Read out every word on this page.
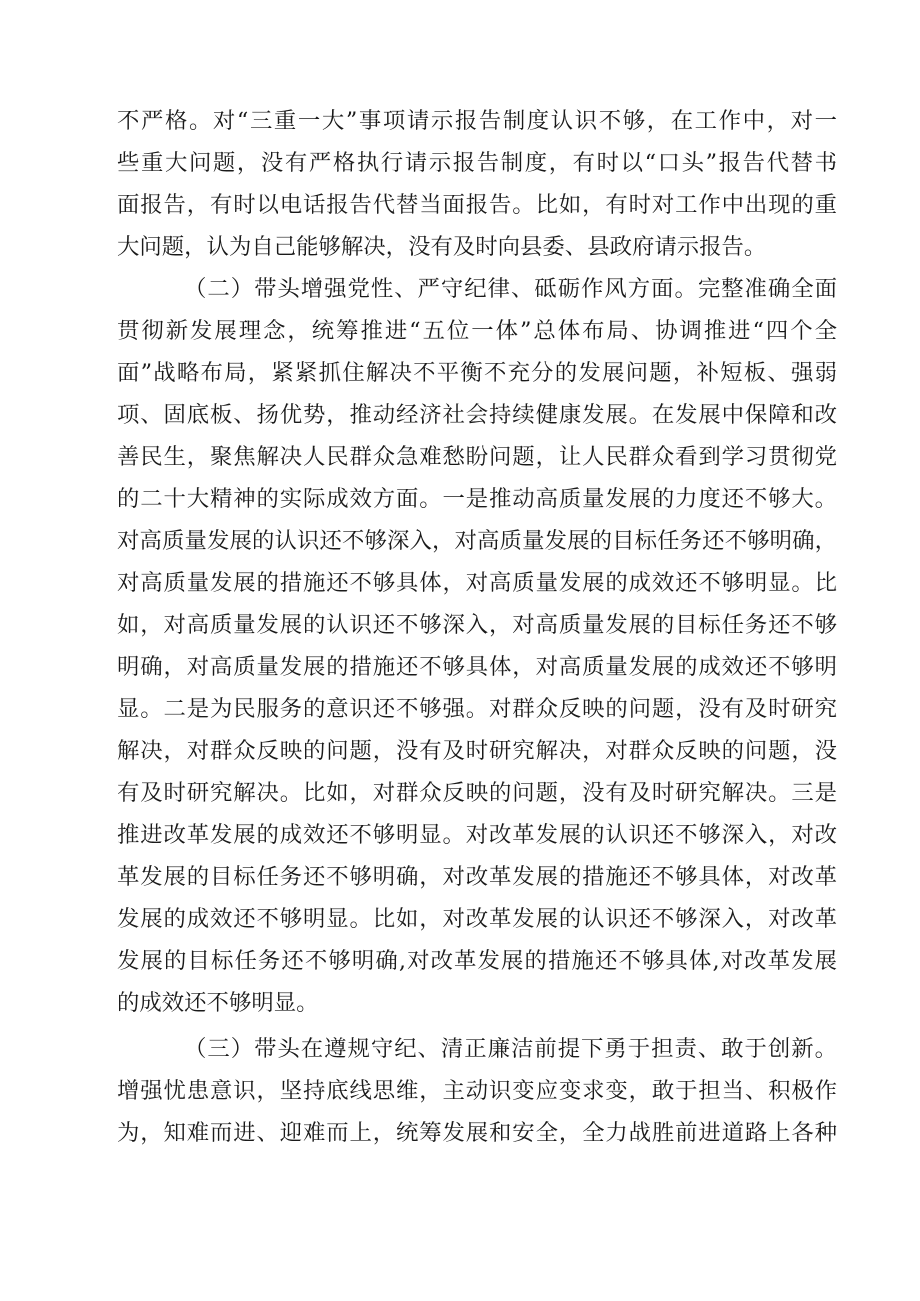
不严格。对“三重一大”事项请示报告制度认识不够，在工作中，对一
些重大问题，没有严格执行请示报告制度，有时以“口头”报告代替书
面报告，有时以电话报告代替当面报告。比如，有时对工作中出现的重
大问题，认为自己能够解决，没有及时向县委、县政府请示报告。
（二）带头增强党性、严守纪律、砥砺作风方面。完整准确全面
贯彻新发展理念，统筹推进“五位一体”总体布局、协调推进“四个全
面”战略布局，紧紧抓住解决不平衡不充分的发展问题，补短板、强弱
项、固底板、扬优势，推动经济社会持续健康发展。在发展中保障和改
善民生，聚焦解决人民群众急难愁盼问题，让人民群众看到学习贯彻党
的二十大精神的实际成效方面。一是推动高质量发展的力度还不够大。
对高质量发展的认识还不够深入，对高质量发展的目标任务还不够明确，
对高质量发展的措施还不够具体，对高质量发展的成效还不够明显。比
如，对高质量发展的认识还不够深入，对高质量发展的目标任务还不够
明确，对高质量发展的措施还不够具体，对高质量发展的成效还不够明
显。二是为民服务的意识还不够强。对群众反映的问题，没有及时研究
解决，对群众反映的问题，没有及时研究解决，对群众反映的问题，没
有及时研究解决。比如，对群众反映的问题，没有及时研究解决。三是
推进改革发展的成效还不够明显。对改革发展的认识还不够深入，对改
革发展的目标任务还不够明确，对改革发展的措施还不够具体，对改革
发展的成效还不够明显。比如，对改革发展的认识还不够深入，对改革
发展的目标任务还不够明确,对改革发展的措施还不够具体,对改革发展
的成效还不够明显。
（三）带头在遵规守纪、清正廉洁前提下勇于担责、敢于创新。
增强忧患意识，坚持底线思维，主动识变应变求变，敢于担当、积极作
为，知难而进、迎难而上，统筹发展和安全，全力战胜前进道路上各种
